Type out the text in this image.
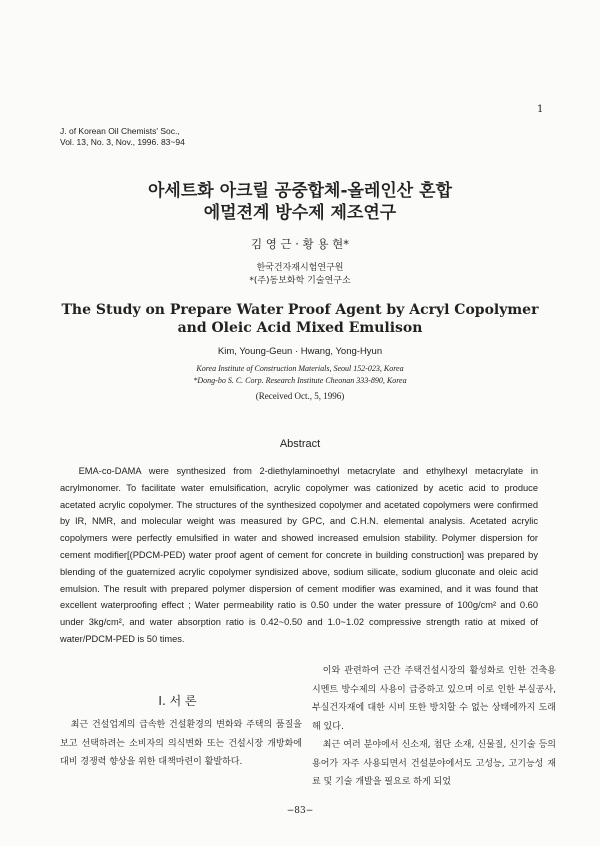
1
J. of Korean Oil Chemists' Soc.,
Vol. 13, No. 3, Nov., 1996. 83~94
아세트화 아크릴 공중합체-올레인산 혼합
에멀젼계 방수제 제조연구
김 영 근 · 황 용 현*
한국건자재시험연구원
*(주)동보화학 기술연구소
The Study on Prepare Water Proof Agent by Acryl Copolymer
and Oleic Acid Mixed Emulison
Kim, Young-Geun · Hwang, Yong-Hyun
Korea Institute of Construction Materials, Seoul 152-023, Korea
*Dong-bo S. C. Corp. Research Institute Cheonan 333-890, Korea
(Received Oct., 5, 1996)
Abstract

EMA-co-DAMA were synthesized from 2-diethylaminoethyl metacrylate and ethylhexyl metacrylate in acrylmonomer. To facilitate water emulsification, acrylic copolymer was cationized by acetic acid to produce acetated acrylic copolymer. The structures of the synthesized copolymer and acetated copolymers were confirmed by IR, NMR, and molecular weight was measured by GPC, and C.H.N. elemental analysis. Acetated acrylic copolymers were perfectly emulsified in water and showed increased emulsion stability. Polymer dispersion for cement modifier[(PDCM-PED) water proof agent of cement for concrete in building construction] was prepared by blending of the guaternized acrylic copolymer syndisized above, sodium silicate, sodium gluconate and oleic acid emulsion. The result with prepared polymer dispersion of cement modifier was examined, and it was found that excellent waterproofing effect ; Water permeability ratio is 0.50 under the water pressure of 100g/cm² and 0.60 under 3kg/cm², and water absorption ratio is 0.42~0.50 and 1.0~1.02 compressive strength ratio at mixed of water/PDCM-PED is 50 times.

I. 서 론

최근 건설업계의 급속한 건설환경의 변화와 주택의 품질을 보고 선택하려는 소비자의 의식변화 또는 건설시장 개방화에 대비 경쟁력 향상을 위한 대책마련이 활발하다.

이와 관련하여 근간 주택건설시장의 활성화로 인한 건축용 시멘트 방수제의 사용이 급증하고 있으며 이로 인한 부실공사, 부실건자재에 대한 시비 또한 방치할 수 없는 상태에까지 도래해 있다.

최근 여러 분야에서 신소재, 첨단 소재, 신물질, 신기술 등의 용어가 자주 사용되면서 건설분야에서도 고성능, 고기능성 재료 및 기술 개발을 필요로 하게 되었

−83−
